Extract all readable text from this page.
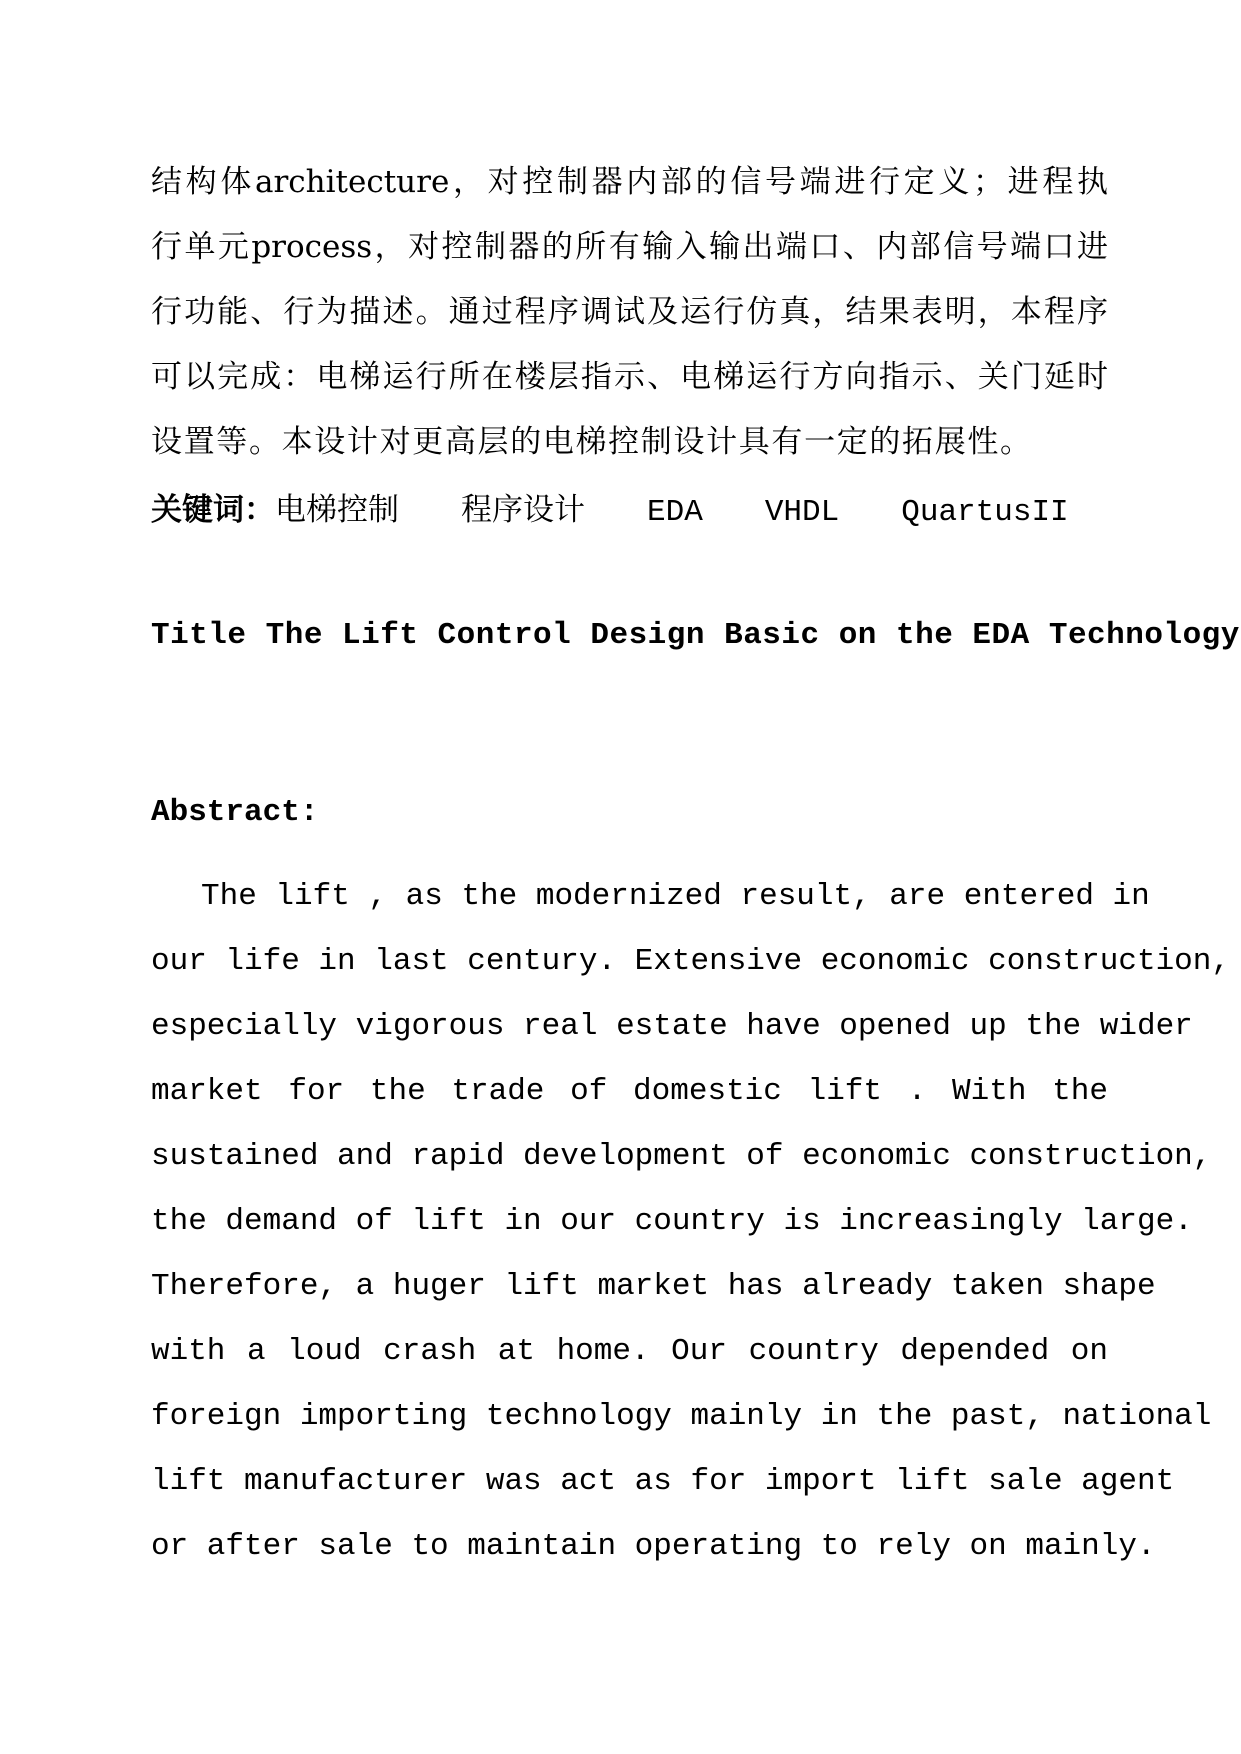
结构体architecture，对控制器内部的信号端进行定义；进程执
行单元process，对控制器的所有输入输出端口、内部信号端口进
行功能、行为描述。通过程序调试及运行仿真，结果表明，本程序
可以完成：电梯运行所在楼层指示、电梯运行方向指示、关门延时
设置等。本设计对更高层的电梯控制设计具有一定的拓展性。
关键词：电梯控制 程序设计 EDA VHDL QuartusII
Title The Lift Control Design Basic on the EDA Technology
Abstract:
The lift , as the modernized result, are entered in
our life in last century. Extensive economic construction,
especially vigorous real estate have opened up the wider
market for the trade of domestic lift . With the
sustained and rapid development of economic construction,
the demand of lift in our country is increasingly large.
Therefore, a huger lift market has already taken shape
with a loud crash at home. Our country depended on
foreign importing technology mainly in the past, national
lift manufacturer was act as for import lift sale agent
or after sale to maintain operating to rely on mainly.
